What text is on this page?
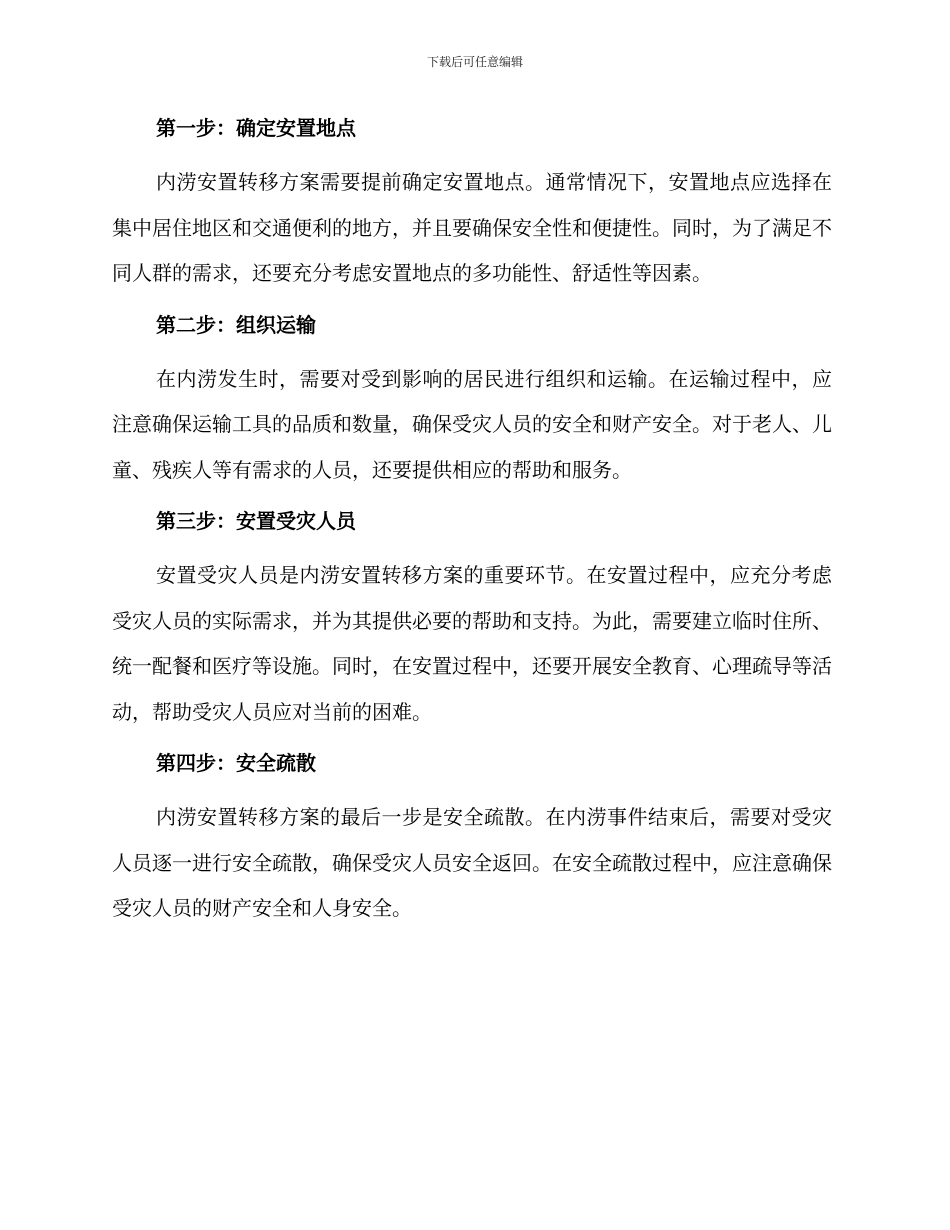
下载后可任意编辑
第一步：确定安置地点
内涝安置转移方案需要提前确定安置地点。通常情况下，安置地点应选择在集中居住地区和交通便利的地方，并且要确保安全性和便捷性。同时，为了满足不同人群的需求，还要充分考虑安置地点的多功能性、舒适性等因素。
第二步：组织运输
在内涝发生时，需要对受到影响的居民进行组织和运输。在运输过程中，应注意确保运输工具的品质和数量，确保受灾人员的安全和财产安全。对于老人、儿童、残疾人等有需求的人员，还要提供相应的帮助和服务。
第三步：安置受灾人员
安置受灾人员是内涝安置转移方案的重要环节。在安置过程中，应充分考虑受灾人员的实际需求，并为其提供必要的帮助和支持。为此，需要建立临时住所、统一配餐和医疗等设施。同时，在安置过程中，还要开展安全教育、心理疏导等活动，帮助受灾人员应对当前的困难。
第四步：安全疏散
内涝安置转移方案的最后一步是安全疏散。在内涝事件结束后，需要对受灾人员逐一进行安全疏散，确保受灾人员安全返回。在安全疏散过程中，应注意确保受灾人员的财产安全和人身安全。
